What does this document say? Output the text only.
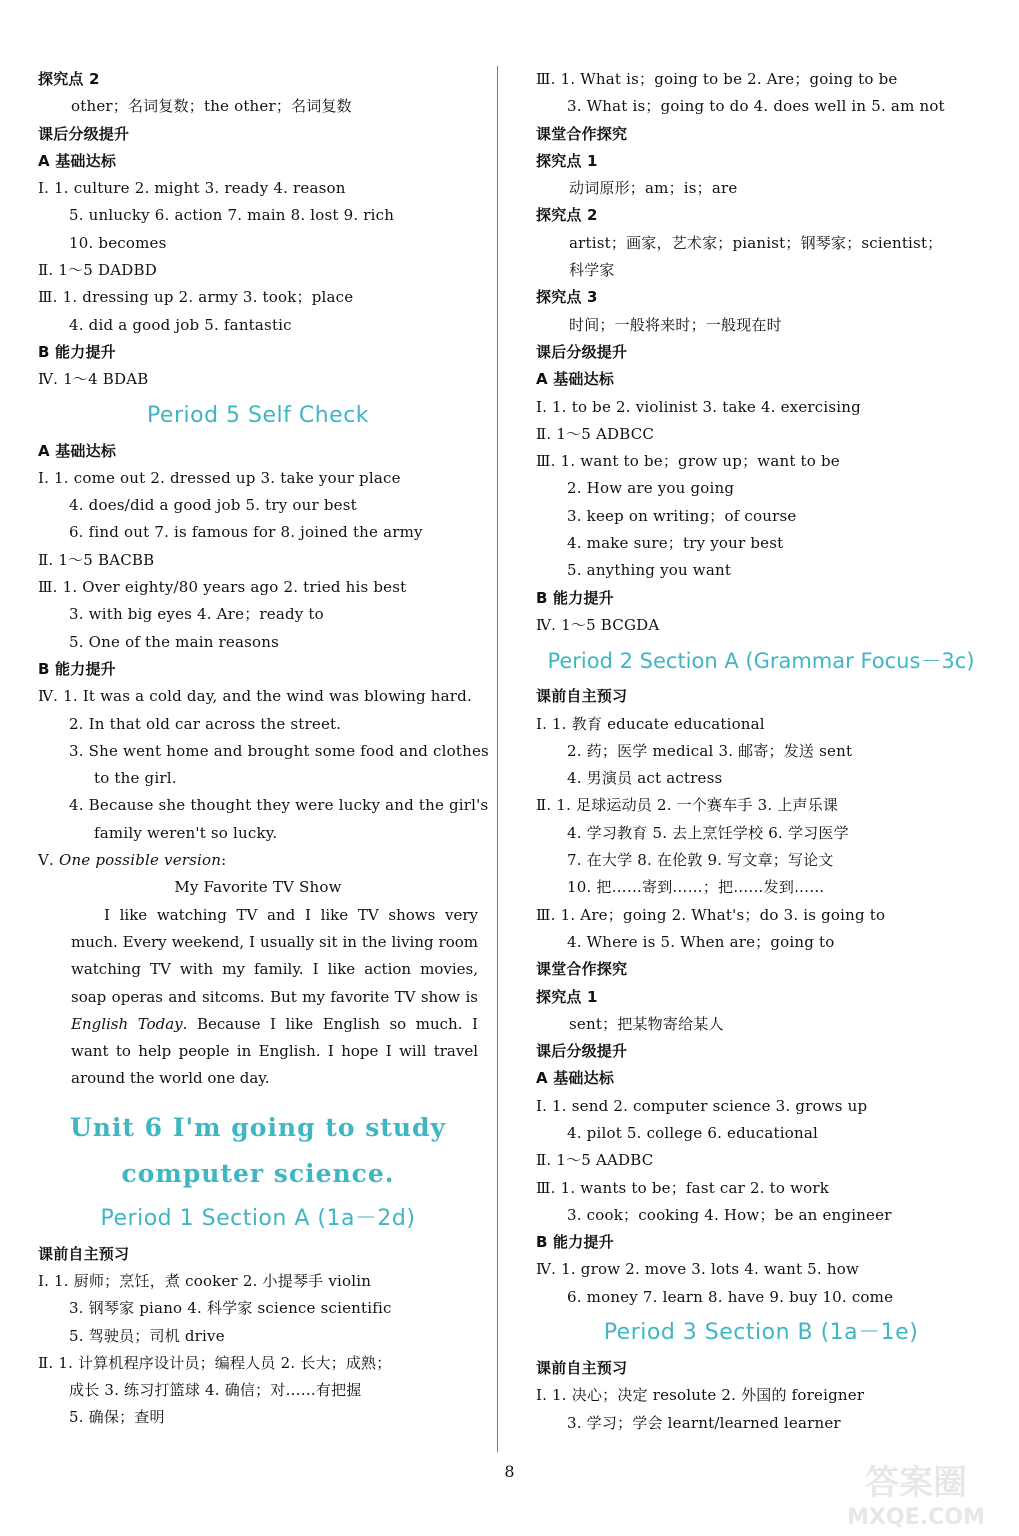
探究点 2
other；名词复数；the other；名词复数
课后分级提升
A 基础达标
Ⅰ. 1. culture 2. might 3. ready 4. reason
5. unlucky 6. action 7. main 8. lost 9. rich
10. becomes
Ⅱ. 1～5 DADBD
Ⅲ. 1. dressing up 2. army 3. took；place
4. did a good job 5. fantastic
B 能力提升
Ⅳ. 1～4 BDAB
Period 5 Self Check
A 基础达标
Ⅰ. 1. come out 2. dressed up 3. take your place
4. does/did a good job 5. try our best
6. find out 7. is famous for 8. joined the army
Ⅱ. 1～5 BACBB
Ⅲ. 1. Over eighty/80 years ago 2. tried his best
3. with big eyes 4. Are；ready to
5. One of the main reasons
B 能力提升
Ⅳ. 1. It was a cold day, and the wind was blowing hard.
2. In that old car across the street.
3. She went home and brought some food and clothes
to the girl.
4. Because she thought they were lucky and the girl's
family weren't so lucky.
Ⅴ. One possible version:
My Favorite TV Show
I like watching TV and I like TV shows very much. Every weekend, I usually sit in the living room watching TV with my family. I like action movies, soap operas and sitcoms. But my favorite TV show is English Today. Because I like English so much. I want to help people in English. I hope I will travel around the world one day.
Unit 6 I'm going to study
computer science.
Period 1 Section A (1a－2d)
课前自主预习
Ⅰ. 1. 厨师；烹饪，煮 cooker 2. 小提琴手 violin
3. 钢琴家 piano 4. 科学家 science scientific
5. 驾驶员；司机 drive
Ⅱ. 1. 计算机程序设计员；编程人员 2. 长大；成熟；
成长 3. 练习打篮球 4. 确信；对……有把握
5. 确保；查明
Ⅲ. 1. What is；going to be 2. Are；going to be
3. What is；going to do 4. does well in 5. am not
课堂合作探究
探究点 1
动词原形；am；is；are
探究点 2
artist；画家，艺术家；pianist；钢琴家；scientist；
科学家
探究点 3
时间；一般将来时；一般现在时
课后分级提升
A 基础达标
Ⅰ. 1. to be 2. violinist 3. take 4. exercising
Ⅱ. 1～5 ADBCC
Ⅲ. 1. want to be；grow up；want to be
2. How are you going
3. keep on writing；of course
4. make sure；try your best
5. anything you want
B 能力提升
Ⅳ. 1～5 BCGDA
Period 2 Section A (Grammar Focus－3c)
课前自主预习
Ⅰ. 1. 教育 educate educational
2. 药；医学 medical 3. 邮寄；发送 sent
4. 男演员 act actress
Ⅱ. 1. 足球运动员 2. 一个赛车手 3. 上声乐课
4. 学习教育 5. 去上烹饪学校 6. 学习医学
7. 在大学 8. 在伦敦 9. 写文章；写论文
10. 把……寄到……；把……发到……
Ⅲ. 1. Are；going 2. What's；do 3. is going to
4. Where is 5. When are；going to
课堂合作探究
探究点 1
sent；把某物寄给某人
课后分级提升
A 基础达标
Ⅰ. 1. send 2. computer science 3. grows up
4. pilot 5. college 6. educational
Ⅱ. 1～5 AADBC
Ⅲ. 1. wants to be；fast car 2. to work
3. cook；cooking 4. How；be an engineer
B 能力提升
Ⅳ. 1. grow 2. move 3. lots 4. want 5. how
6. money 7. learn 8. have 9. buy 10. come
Period 3 Section B (1a－1e)
课前自主预习
Ⅰ. 1. 决心；决定 resolute 2. 外国的 foreigner
3. 学习；学会 learnt/learned learner
8	答案圈
MXQE.COM
